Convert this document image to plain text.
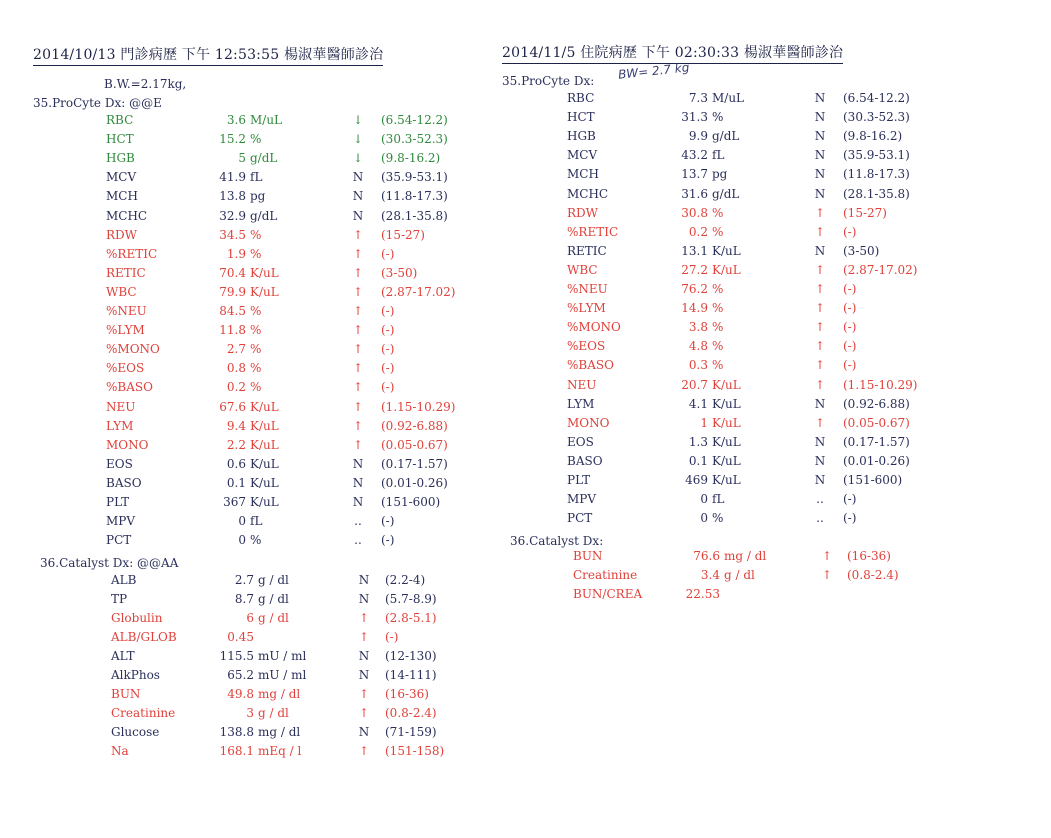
2014/10/13 門診病歷 下午 12:53:55 楊淑華醫師診治
B.W.=2.17kg,
35.ProCyte Dx: @@E
RBC	3.6 M/uL	↓ (6.54-12.2)
HCT	15.2 %	↓ (30.3-52.3)
HGB	5 g/dL	↓ (9.8-16.2)
MCV	41.9 fL	N (35.9-53.1)
MCH	13.8 pg	N (11.8-17.3)
MCHC	32.9 g/dL	N (28.1-35.8)
RDW	34.5 %	↑ (15-27)
%RETIC	1.9 %	↑ (-)
RETIC	70.4 K/uL	↑ (3-50)
WBC	79.9 K/uL	↑ (2.87-17.02)
%NEU	84.5 %	↑ (-)
%LYM	11.8 %	↑ (-)
%MONO	2.7 %	↑ (-)
%EOS	0.8 %	↑ (-)
%BASO	0.2 %	↑ (-)
NEU	67.6 K/uL	↑ (1.15-10.29)
LYM	9.4 K/uL	↑ (0.92-6.88)
MONO	2.2 K/uL	↑ (0.05-0.67)
EOS	0.6 K/uL	N (0.17-1.57)
BASO	0.1 K/uL	N (0.01-0.26)
PLT	367 K/uL	N (151-600)
MPV	0 fL	.. (-)
PCT	0 %	.. (-)
36.Catalyst Dx: @@AA
ALB	2.7 g / dl	N (2.2-4)
TP	8.7 g / dl	N (5.7-8.9)
Globulin	6 g / dl	↑ (2.8-5.1)
ALB/GLOB	0.45	↑ (-)
ALT	115.5 mU / ml	N (12-130)
AlkPhos	65.2 mU / ml	N (14-111)
BUN	49.8 mg / dl	↑ (16-36)
Creatinine	3 g / dl	↑ (0.8-2.4)
Glucose	138.8 mg / dl	N (71-159)
Na	168.1 mEq / l	↑ (151-158)
2014/11/5 住院病歷 下午 02:30:33 楊淑華醫師診治
35.ProCyte Dx: BW= 2.7 kg
RBC	7.3 M/uL	N (6.54-12.2)
HCT	31.3 %	N (30.3-52.3)
HGB	9.9 g/dL	N (9.8-16.2)
MCV	43.2 fL	N (35.9-53.1)
MCH	13.7 pg	N (11.8-17.3)
MCHC	31.6 g/dL	N (28.1-35.8)
RDW	30.8 %	↑ (15-27)
%RETIC	0.2 %	↑ (-)
RETIC	13.1 K/uL	N (3-50)
WBC	27.2 K/uL	↑ (2.87-17.02)
%NEU	76.2 %	↑ (-)
%LYM	14.9 %	↑ (-)
%MONO	3.8 %	↑ (-)
%EOS	4.8 %	↑ (-)
%BASO	0.3 %	↑ (-)
NEU	20.7 K/uL	↑ (1.15-10.29)
LYM	4.1 K/uL	N (0.92-6.88)
MONO	1 K/uL	↑ (0.05-0.67)
EOS	1.3 K/uL	N (0.17-1.57)
BASO	0.1 K/uL	N (0.01-0.26)
PLT	469 K/uL	N (151-600)
MPV	0 fL	.. (-)
PCT	0 %	.. (-)
36.Catalyst Dx:
BUN	76.6 mg / dl	↑ (16-36)
Creatinine	3.4 g / dl	↑ (0.8-2.4)
BUN/CREA	22.53
